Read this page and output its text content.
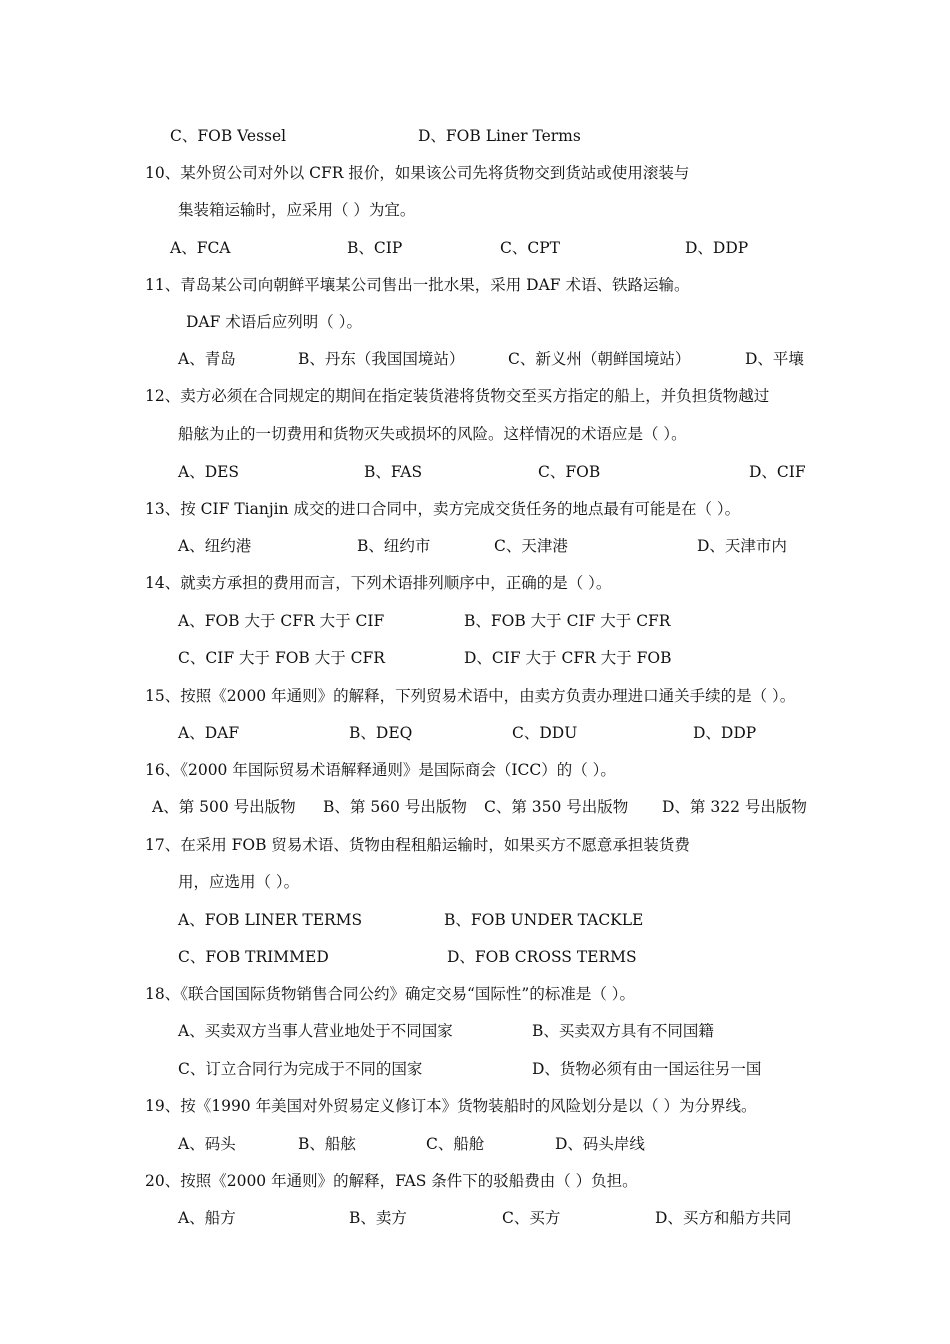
C、FOB Vessel	D、FOB Liner Terms
10、某外贸公司对外以 CFR 报价，如果该公司先将货物交到货站或使用滚装与
集装箱运输时，应采用（ ）为宜。
A、FCA	B、CIP	C、CPT	D、DDP
11、青岛某公司向朝鲜平壤某公司售出一批水果，采用 DAF 术语、铁路运输。
DAF 术语后应列明（ ）。
A、青岛	B、丹东（我国国境站）	C、新义州（朝鲜国境站）	D、平壤
12、卖方必须在合同规定的期间在指定装货港将货物交至买方指定的船上，并负担货物越过
船舷为止的一切费用和货物灭失或损坏的风险。这样情况的术语应是（ ）。
A、DES	B、FAS	C、FOB	D、CIF
13、按 CIF Tianjin 成交的进口合同中，卖方完成交货任务的地点最有可能是在（ ）。
A、纽约港	B、纽约市	C、天津港	D、天津市内
14、就卖方承担的费用而言，下列术语排列顺序中，正确的是（ ）。
A、FOB 大于 CFR 大于 CIF	B、FOB 大于 CIF 大于 CFR
C、CIF 大于 FOB 大于 CFR	D、CIF 大于 CFR 大于 FOB
15、按照《2000 年通则》的解释，下列贸易术语中，由卖方负责办理进口通关手续的是（ ）。
A、DAF	B、DEQ	C、DDU	D、DDP
16、《2000 年国际贸易术语解释通则》是国际商会（ICC）的（ ）。
A、第 500 号出版物 B、第 560 号出版物 C、第 350 号出版物 D、第 322 号出版物
17、在采用 FOB 贸易术语、货物由程租船运输时，如果买方不愿意承担装货费
用，应选用（ ）。
A、FOB LINER TERMS	B、FOB UNDER TACKLE
C、FOB TRIMMED	D、FOB CROSS TERMS
18、《联合国国际货物销售合同公约》确定交易“国际性”的标准是（ ）。
A、买卖双方当事人营业地处于不同国家	B、买卖双方具有不同国籍
C、订立合同行为完成于不同的国家	D、货物必须有由一国运往另一国
19、按《1990 年美国对外贸易定义修订本》货物装船时的风险划分是以（ ）为分界线。
A、码头	B、船舷	C、船舱	D、码头岸线
20、按照《2000 年通则》的解释，FAS 条件下的驳船费由（ ）负担。
A、船方	B、卖方	C、买方	D、买方和船方共同
